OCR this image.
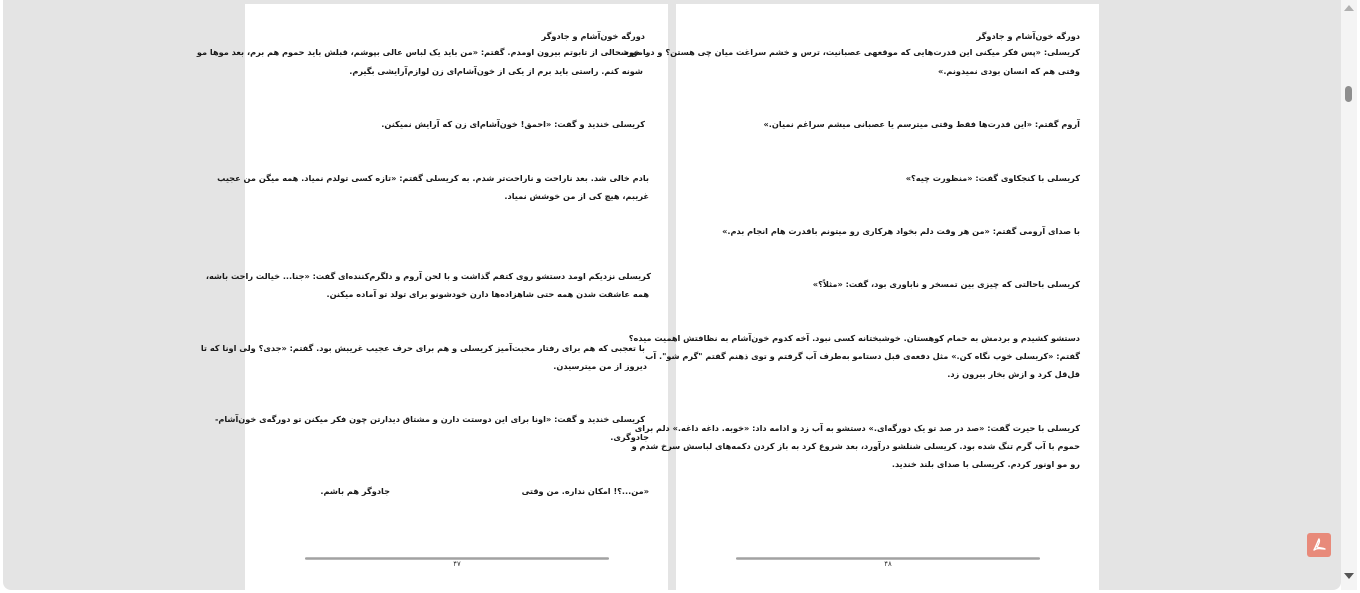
دورگه خون‌آشام و جادوگر
با خوشحالی از تابوتم بیرون اومدم. گفتم: «من باید یک لباس عالی بپوشم، قبلش باید حموم هم برم، بعد موها مو
شونه کنم. راستی باید برم از یکی از خون‌آشام‌ای زن لوازم‌آرایشی بگیرم.
کریسلی خندید و گفت: «احمق! خون‌آشام‌ای زن که آرایش نمیکنن.
بادم خالی شد. بعد ناراحت و ناراحت‌تر شدم. به کریسلی گفتم: «تازه کسی تولدم نمیاد. همه میگن من عجیب
غریبم، هیچ کی از من خوشش نمیاد.
کریسلی نزدیکم اومد دستشو روی کتفم گذاشت و با لحن آروم و دلگرم‌کننده‌ای گفت: «جنا... خیالت راحت باشه،
همه عاشقت شدن همه حتی شاهزاده‌ها دارن خودشونو برای تولد تو آماده میکنن.
با تعجبی که هم برای رفتار محبت‌آمیز کریسلی و هم برای حرف عجیب غریبش بود. گفتم: «جدی؟ ولی اونا که تا
دیروز از من میترسیدن.
کریسلی خندید و گفت: «اونا برای این دوستت دارن و مشتاق دیدارتن چون فکر میکنن تو دورگه‌ی خون‌آشام-
جادوگری.
«من...؟! امکان نداره. من وقتی
جادوگر هم باشم.
۴۷
دورگه خون‌آشام و جادوگر
کریسلی: «پس فکر میکنی این قدرت‌هایی که موقعهی عصبانیت، ترس و خشم سراغت میان چی هستن؟ و در مورد
وقتی هم که انسان بودی نمیدونم.»
آروم گفتم: «این قدرت‌ها فقط وقتی میترسم یا عصبانی میشم سراغم نمیان.»
کریسلی با کنجکاوی گفت: «منظورت چیه؟»
با صدای آرومی گفتم: «من هر وقت دلم بخواد هرکاری رو میتونم باقدرت هام انجام بدم.»
کریسلی باحالتی که چیزی بین تمسخر و ناباوری بود، گفت: «مثلاً؟»
دستشو کشیدم و بردمش به حمام کوهستان. خوشبختانه کسی نبود. آخه کدوم خون‌آشام به نظافتش اهمیت میده؟
گفتم: «کریسلی خوب نگاه کن.» مثل دفعه‌ی قبل دستامو به‌طرف آب گرفتم و توی ذهنم گفتم "گرم شو". آب
قل‌قل کرد و ازش بخار بیرون زد.
کریسلی با حیرت گفت: «صد در صد تو یک دورگه‌ای.» دستشو به آب زد و ادامه داد: «خوبه. داغه داغه.» دلم برای
حموم با آب گرم تنگ شده بود. کریسلی شنلشو درآورد، بعد شروع کرد به باز کردن دکمه‌های لباسش سرخ شدم و
رو مو اونور کردم. کریسلی با صدای بلند خندید.
۴۸
